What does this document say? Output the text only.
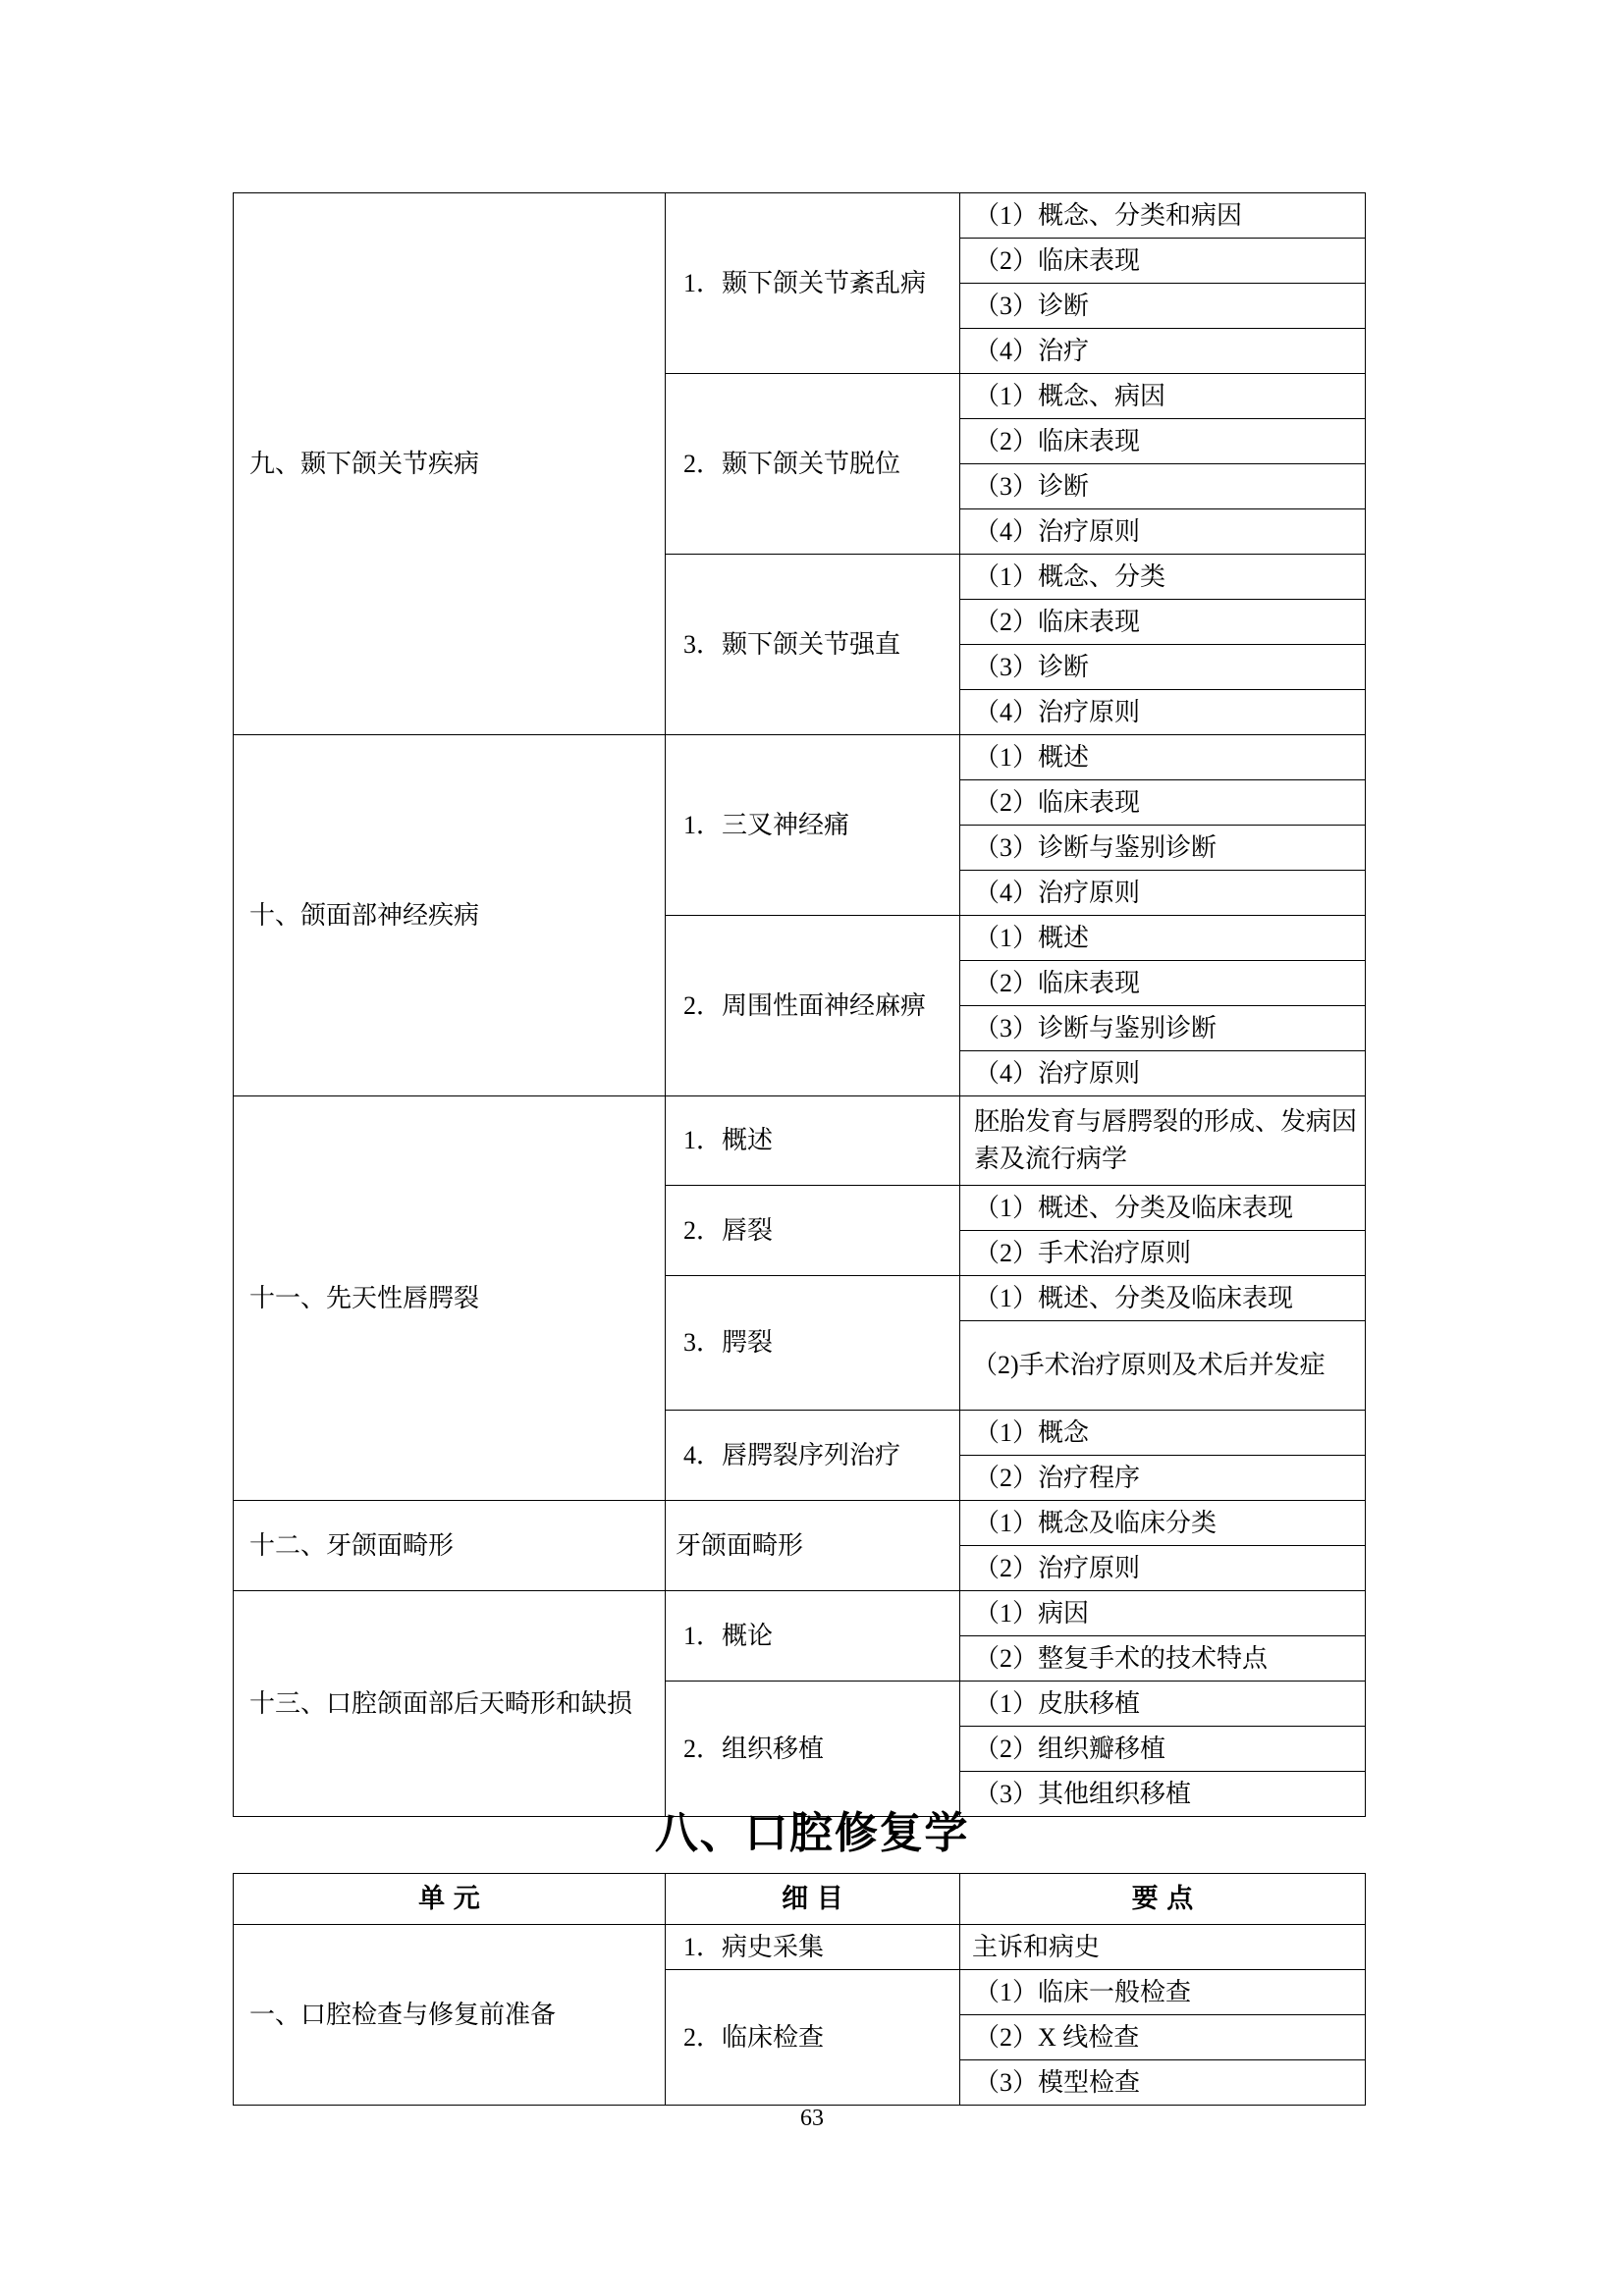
九、颞下颌关节疾病	1．颞下颌关节紊乱病	（1）概念、分类和病因

		（2）临床表现

		（3）诊断

		（4）治疗

	2．颞下颌关节脱位	（1）概念、病因

		（2）临床表现

		（3）诊断

		（4）治疗原则

	3．颞下颌关节强直	（1）概念、分类

		（2）临床表现

		（3）诊断

		（4）治疗原则

十、颌面部神经疾病	1．三叉神经痛	（1）概述

		（2）临床表现

		（3）诊断与鉴别诊断

		（4）治疗原则

	2．周围性面神经麻痹	（1）概述

		（2）临床表现

		（3）诊断与鉴别诊断

		（4）治疗原则

十一、先天性唇腭裂	1．概述	胚胎发育与唇腭裂的形成、发病因素及流行病学

	2．唇裂	（1）概述、分类及临床表现

		（2）手术治疗原则

	3．腭裂	（1）概述、分类及临床表现

		（2)手术治疗原则及术后并发症

	4．唇腭裂序列治疗	（1）概念

		（2）治疗程序

十二、牙颌面畸形	牙颌面畸形	（1）概念及临床分类

		（2）治疗原则

十三、口腔颌面部后天畸形和缺损	1．概论	（1）病因

		（2）整复手术的技术特点

	2．组织移植	（1）皮肤移植

		（2）组织瓣移植

		（3）其他组织移植
八、口腔修复学
单元	细目	要点

一、口腔检查与修复前准备	1．病史采集	主诉和病史

	2．临床检查	（1）临床一般检查

		（2）X 线检查

		（3）模型检查
63
